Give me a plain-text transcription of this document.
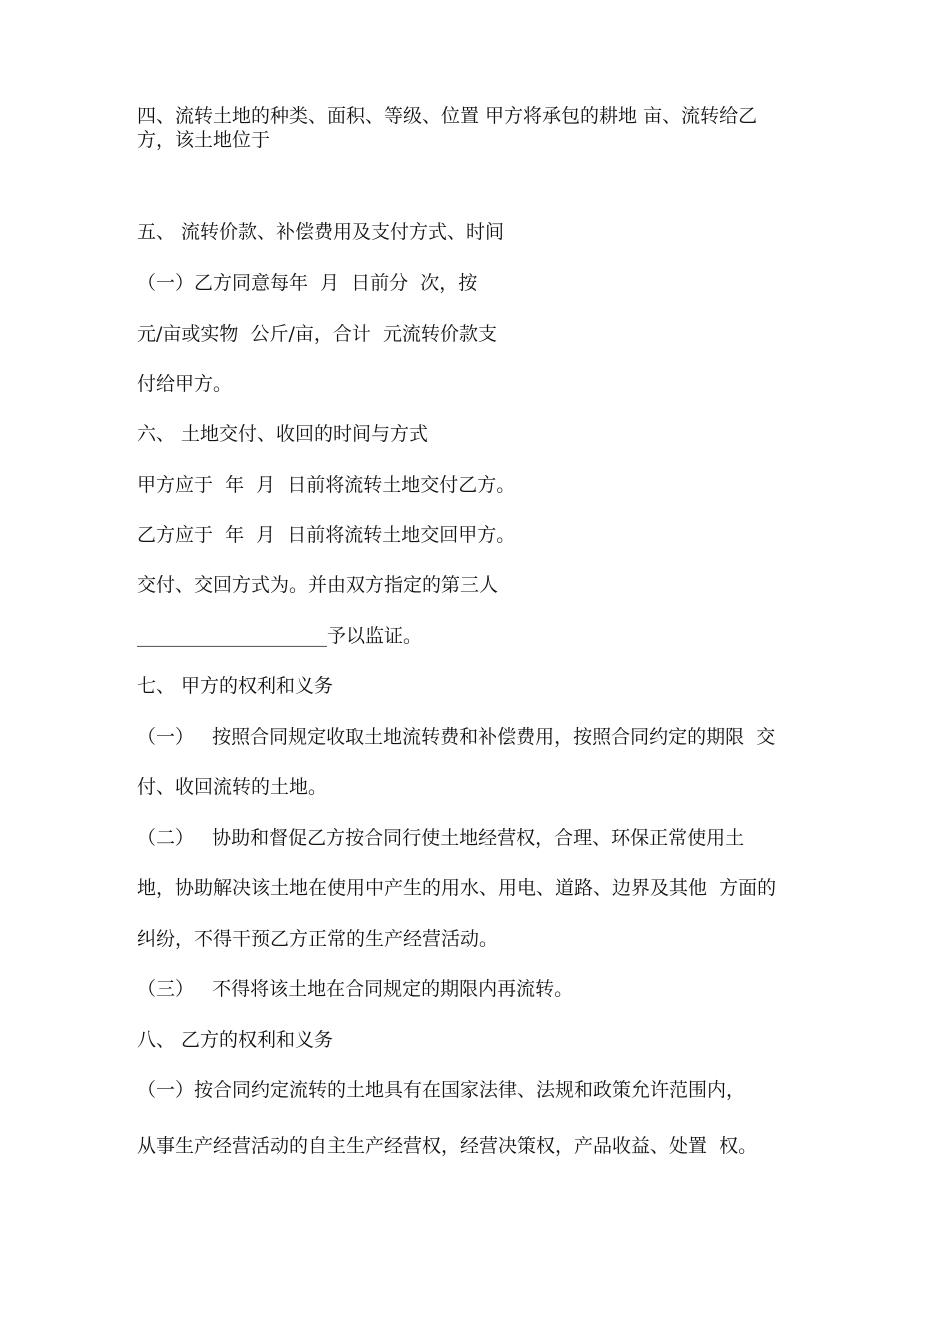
四、流转土地的种类、面积、等级、位置 甲方将承包的耕地 亩、流转给乙
方，该土地位于
五、 流转价款、补偿费用及支付方式、时间
（一）乙方同意每年  月  日前分  次，按
元/亩或实物  公斤/亩，合计  元流转价款支
付给甲方。
六、 土地交付、收回的时间与方式
甲方应于  年  月  日前将流转土地交付乙方。
乙方应于  年  月  日前将流转土地交回甲方。
交付、交回方式为。并由双方指定的第三人
____________________予以监证。
七、 甲方的权利和义务
（一）   按照合同规定收取土地流转费和补偿费用，按照合同约定的期限  交
付、收回流转的土地。
（二）   协助和督促乙方按合同行使土地经营权，合理、环保正常使用土
地，协助解决该土地在使用中产生的用水、用电、道路、边界及其他  方面的
纠纷，不得干预乙方正常的生产经营活动。
（三）   不得将该土地在合同规定的期限内再流转。
八、 乙方的权利和义务
（一）按合同约定流转的土地具有在国家法律、法规和政策允许范围内，
从事生产经营活动的自主生产经营权，经营决策权，产品收益、处置  权。
